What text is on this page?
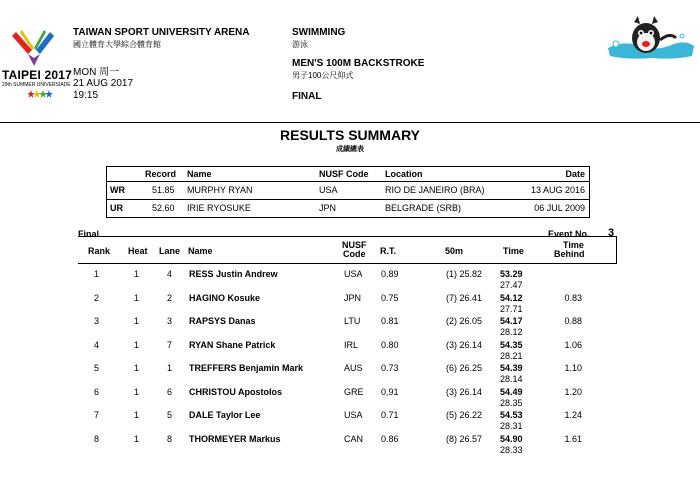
TAIPEI 2017
29th SUMMER UNIVERSIADE
TAIWAN SPORT UNIVERSITY ARENA
國立體育大學綜合體育館
MON 周一
21 AUG 2017
19:15
SWIMMING
游泳
MEN'S 100M BACKSTROKE
男子100公尺仰式
FINAL
RESULTS SUMMARY
成績總表
Record Name	NUSF Code Location	Date
WR	51.85 MURPHY RYAN	USA	RIO DE JANEIRO (BRA)	13 AUG 2016
UR	52.60 IRIE RYOSUKE	JPN	BELGRADE (SRB)	06 JUL 2009
Final	Event No. 3
Rank Heat Lane Name
NUSF
Code R.T.	50m	Time
Time
Behind
1	1	4 RESS Justin Andrew	USA 0.89	(1) 25.82 53.29
27.47
2	1	2 HAGINO Kosuke	JPN 0.75	(7) 26.41 54.12	0.83
27.71
3	1	3 RAPSYS Danas	LTU 0.81	(2) 26.05 54.17	0.88
28.12
4	1	7 RYAN Shane Patrick	IRL	0.80	(3) 26.14 54.35	1.06
28.21
5	1	1 TREFFERS Benjamin Mark	AUS 0.73	(6) 26.25 54.39	1.10
28.14
6	1	6 CHRISTOU Apostolos	GRE 0.91	(3) 26.14 54.49	1.20
28.35
7	1	5 DALE Taylor Lee	USA 0.71	(5) 26.22 54.53	1.24
28.31
8	1	8 THORMEYER Markus	CAN 0.86	(8) 26.57 54.90	1.61
28.33
